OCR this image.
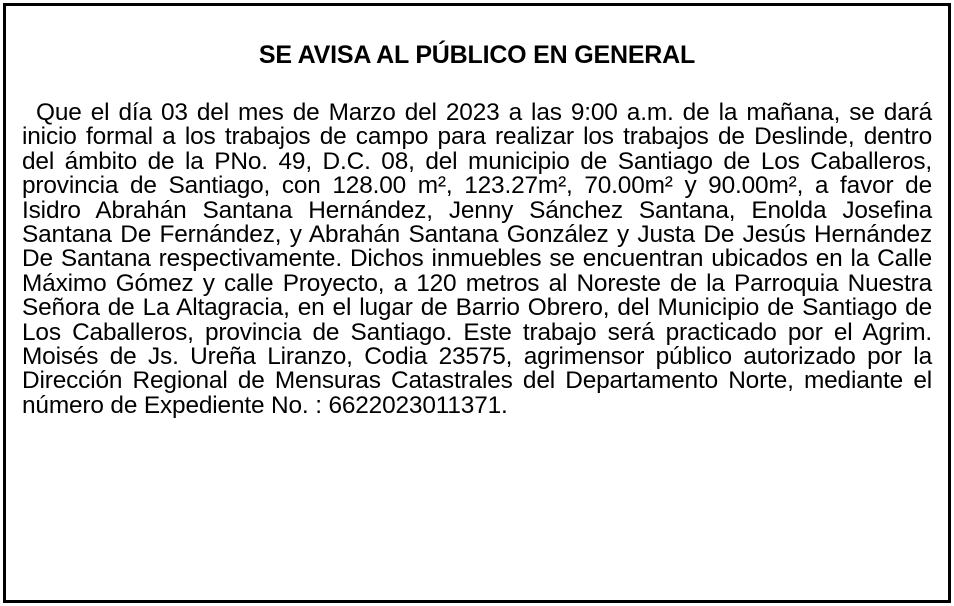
SE AVISA AL PÚBLICO EN GENERAL

Que el día 03 del mes de Marzo del 2023 a las 9:00 a.m. de la mañana, se dará inicio formal a los trabajos de campo para realizar los trabajos de Deslinde, dentro del ámbito de la PNo. 49, D.C. 08, del municipio de Santiago de Los Caballeros, provincia de Santiago, con 128.00 m², 123.27m², 70.00m² y 90.00m², a favor de Isidro Abrahán Santana Hernández, Jenny Sánchez Santana, Enolda Josefina Santana De Fernández, y Abrahán Santana González y Justa De Jesús Hernández De Santana respectivamente. Dichos inmuebles se encuentran ubicados en la Calle Máximo Gómez y calle Proyecto, a 120 metros al Noreste de la Parroquia Nuestra Señora de La Altagracia, en el lugar de Barrio Obrero, del Municipio de Santiago de Los Caballeros, provincia de Santiago. Este trabajo será practicado por el Agrim. Moisés de Js. Ureña Liranzo, Codia 23575, agrimensor público autorizado por la Dirección Regional de Mensuras Catastrales del Departamento Norte, mediante el número de Expediente No. : 6622023011371.
